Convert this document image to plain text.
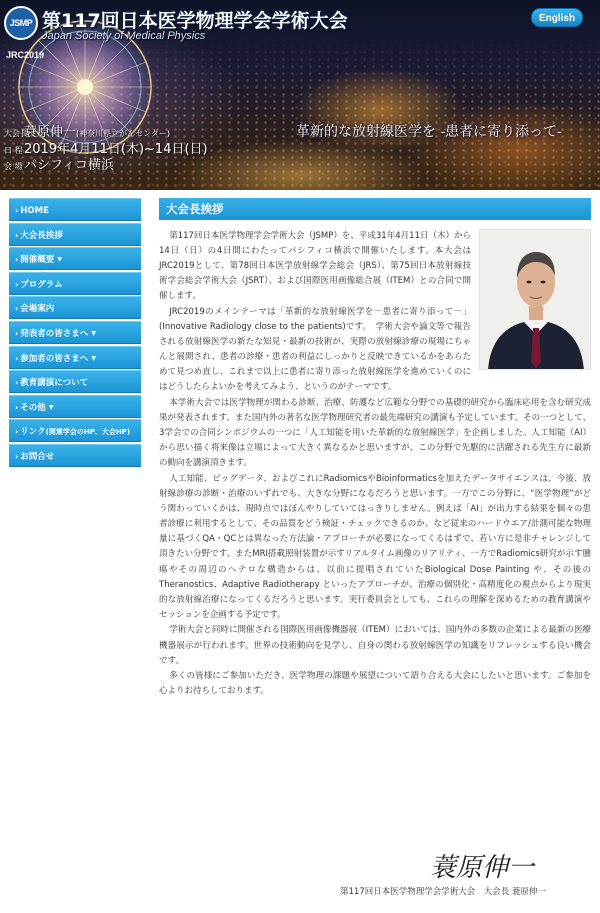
JSMP 第117回日本医学物理学会学術大会
Japan Society of Medical Physics
English
JRC2019
革新的な放射線医学を -患者に寄り添って-
大会長蓑原伸一(神奈川県立がんセンター)
日 程2019年4月11日(木)~14日(日)
会 場パシフィコ横浜
› HOME
› 大会長挨拶
› 開催概要 ▼
› プログラム
› 会場案内
› 発表者の皆さまへ ▼
› 参加者の皆さまへ ▼
› 教育講演について
› その他 ▼
› リンク(関連学会のHP、大会HP)
› お問合せ
大会長挨拶

第117回日本医学物理学会学術大会（JSMP）を、平成31年4月11日（木）から14日（日）の4日間にわたってパシフィコ横浜で開催いたします。本大会はJRC2019として、第78回日本医学放射線学会総会（JRS）、第75回日本放射線技術学会総会学術大会（JSRT）、および国際医用画像総合展（ITEM）との合同で開催します。

JRC2019のメインテーマは「革新的な放射線医学を－患者に寄り添って－」(Innovative Radiology close to the patients)です。　学術大会や論文等で報告される放射線医学の新たな知見・最新の技術が、実際の放射線診療の現場にちゃんと展開され、患者の診療・患者の利益にしっかりと反映できているかをあらためて見つめ直し、これまで以上に患者に寄り添った放射線医学を進めていくのにはどうしたらよいかを考えてみよう、というのがテーマです。

本学術大会では医学物理が関わる診断、治療、防護など広範な分野での基礎的研究から臨床応用を含む研究成果が発表されます。また国内外の著名な医学物理研究者の最先端研究の講演も予定しています。その一つとして、3学会での合同シンポジウムの一つに「人工知能を用いた革新的な放射線医学」を企画しました。人工知能（AI）から思い描く将来像は立場によって大きく異なるかと思いますが、この分野で先駆的に活躍される先生方に最新の動向を講演頂きます。

人工知能、ビッグデータ、およびこれにRadiomicsやBioinformaticsを加えたデータサイエンスは、今後、放射線診療の診断・治療のいずれでも、大きな分野になるだろうと思います。一方でこの分野に、“医学物理”がどう関わっていくかは、現時点ではぼんやりしていてはっきりしません。例えば「AI」が出力する結果を個々の患者診療に利用するとして、その品質をどう検証・チェックできるのか、など従来のハードウエア/計測可能な物理量に基づくQA・QCとは異なった方法論・アプローチが必要になってくるはずで、若い方に是非チャレンジして頂きたい分野です。またMRI搭載照射装置が示すリアルタイム画像のリアリティ、一方でRadiomics研究が示す腫瘍やその周辺のヘテロな構造からは、以前に提唱されていたBiological Dose Painting や、その後のTheranostics、Adaptive Radiotherapy といったアプローチが、治療の個別化・高精度化の視点からより現実的な放射線治療になってくるだろうと思います。実行委員会としても、これらの理解を深めるための教育講演やセッションを企画する予定です。

学術大会と同時に開催される国際医用画像機器展（ITEM）においては、国内外の多数の企業による最新の医療機器展示が行われます。世界の技術動向を見学し、自身の関わる放射線医学の知識をリフレッシュする良い機会です。

多くの皆様にご参加いただき、医学物理の課題や展望について語り合える大会にしたいと思います。ご参加を心よりお待ちしております。

蓑原伸一
第117回日本医学物理学会学術大会　大会長 蓑原伸一
